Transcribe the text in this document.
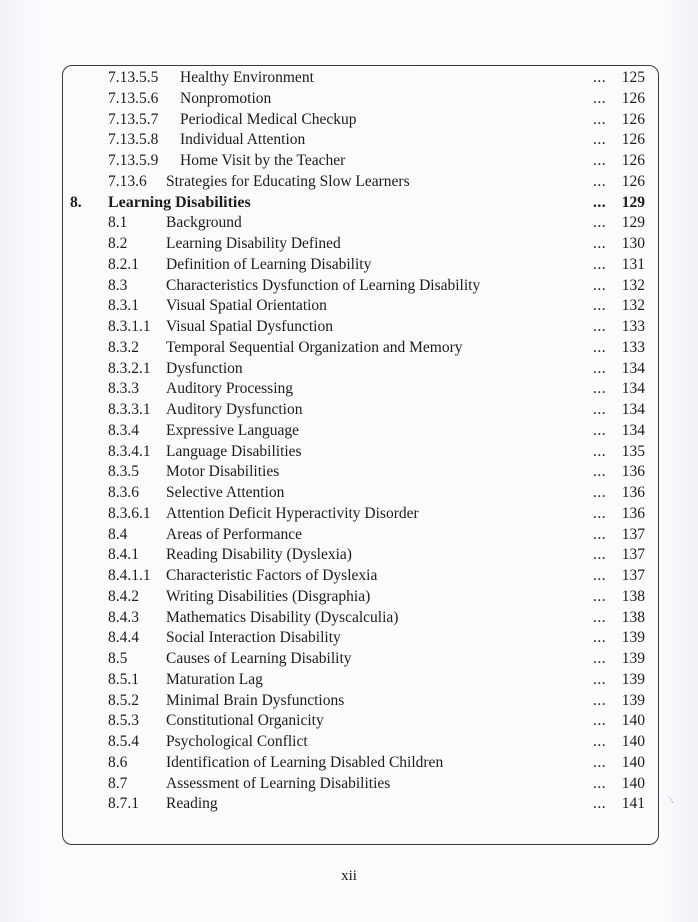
7.13.5.5 Healthy Environment	... 125
7.13.5.6 Nonpromotion	... 126
7.13.5.7 Periodical Medical Checkup	... 126
7.13.5.8 Individual Attention	... 126
7.13.5.9 Home Visit by the Teacher	... 126
7.13.6 Strategies for Educating Slow Learners	... 126
8. Learning Disabilities	... 129
8.1 Background	... 129
8.2 Learning Disability Defined	... 130
8.2.1 Definition of Learning Disability	... 131
8.3 Characteristics Dysfunction of Learning Disability	... 132
8.3.1 Visual Spatial Orientation	... 132
8.3.1.1 Visual Spatial Dysfunction	... 133
8.3.2 Temporal Sequential Organization and Memory	... 133
8.3.2.1 Dysfunction	... 134
8.3.3 Auditory Processing	... 134
8.3.3.1 Auditory Dysfunction	... 134
8.3.4 Expressive Language	... 134
8.3.4.1 Language Disabilities	... 135
8.3.5 Motor Disabilities	... 136
8.3.6 Selective Attention	... 136
8.3.6.1 Attention Deficit Hyperactivity Disorder	... 136
8.4 Areas of Performance	... 137
8.4.1 Reading Disability (Dyslexia)	... 137
8.4.1.1 Characteristic Factors of Dyslexia	... 137
8.4.2 Writing Disabilities (Disgraphia)	... 138
8.4.3 Mathematics Disability (Dyscalculia)	... 138
8.4.4 Social Interaction Disability	... 139
8.5 Causes of Learning Disability	... 139
8.5.1 Maturation Lag	... 139
8.5.2 Minimal Brain Dysfunctions	... 139
8.5.3 Constitutional Organicity	... 140
8.5.4 Psychological Conflict	... 140
8.6 Identification of Learning Disabled Children	... 140
8.7 Assessment of Learning Disabilities	... 140
8.7.1 Reading	... 141
xii
⁝
